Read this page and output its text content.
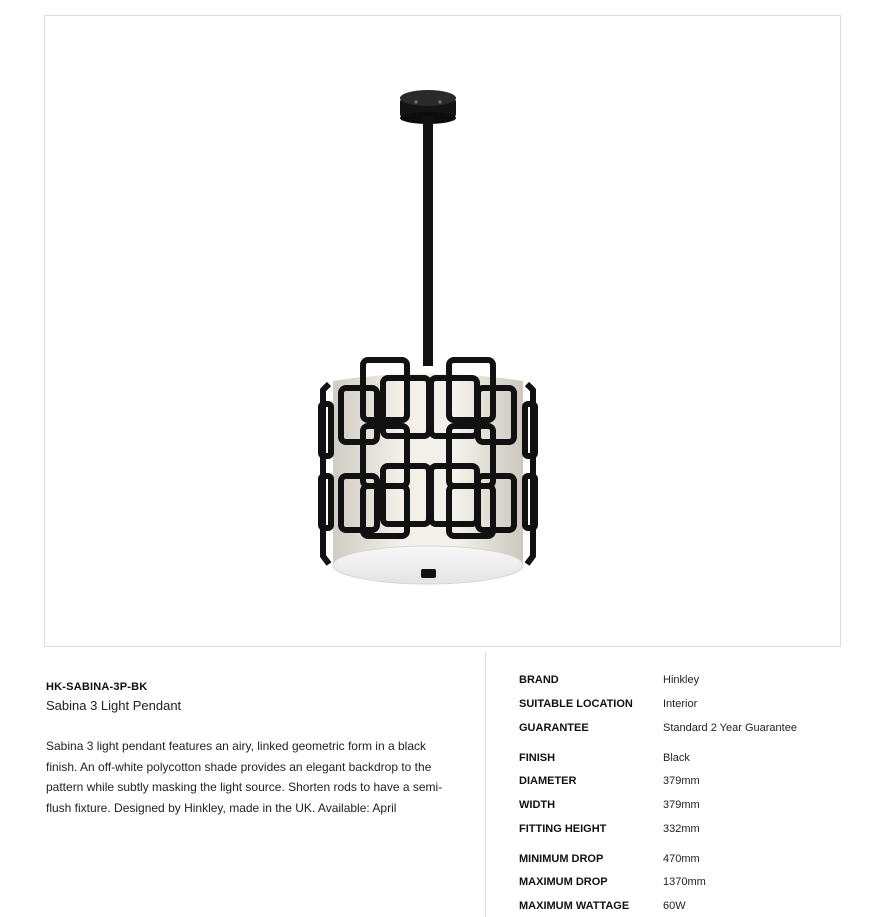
HK-SABINA-3P-BK

Sabina 3 Light Pendant

Sabina 3 light pendant features an airy, linked geometric form in a black finish. An off-white polycotton shade provides an elegant backdrop to the pattern while subtly masking the light source. Shorten rods to have a semi-flush fixture. Designed by Hinkley, made in the UK. Available: April

BRAND	Hinkley
SUITABLE LOCATION	Interior
GUARANTEE	Standard 2 Year Guarantee
FINISH	Black
DIAMETER	379mm
WIDTH	379mm
FITTING HEIGHT	332mm
MINIMUM DROP	470mm
MAXIMUM DROP	1370mm
MAXIMUM WATTAGE	60W
